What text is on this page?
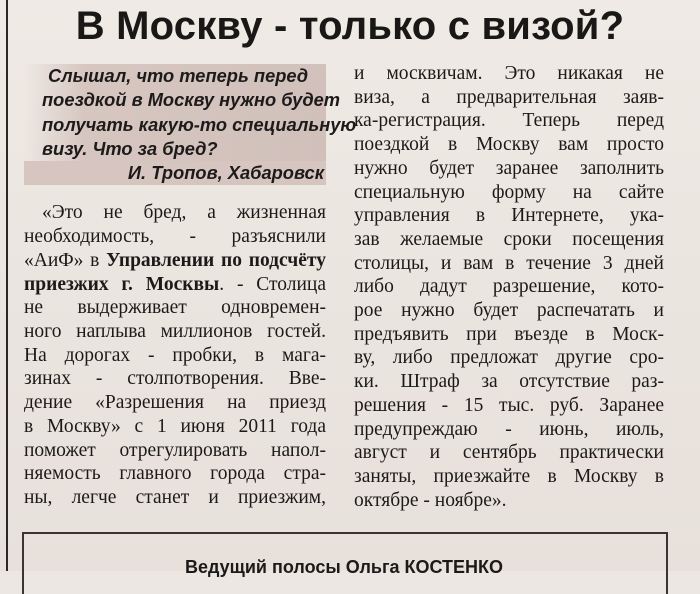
В Москву - только с визой?
Слышал, что теперь перед
поездкой в Москву нужно будет
получать какую-то специальную
визу. Что за бред?
И. Тропов, Хабаровск
«Это не бред, а жизненная
необходимость, - разъяснили
«АиФ» в Управлении по подсчёту
приезжих г. Москвы. - Столица
не выдерживает одновремен-
ного наплыва миллионов гостей.
На дорогах - пробки, в мага-
зинах - столпотворения. Вве-
дение «Разрешения на приезд
в Москву» с 1 июня 2011 года
поможет отрегулировать напол-
няемость главного города стра-
ны, легче станет и приезжим,
и москвичам. Это никакая не
виза, а предварительная заяв-
ка-регистрация. Теперь перед
поездкой в Москву вам просто
нужно будет заранее заполнить
специальную форму на сайте
управления в Интернете, ука-
зав желаемые сроки посещения
столицы, и вам в течение 3 дней
либо дадут разрешение, кото-
рое нужно будет распечатать и
предъявить при въезде в Моск-
ву, либо предложат другие сро-
ки. Штраф за отсутствие раз-
решения - 15 тыс. руб. Заранее
предупреждаю - июнь, июль,
август и сентябрь практически
заняты, приезжайте в Москву в
октябре - ноябре».
Ведущий полосы Ольга КОСТЕНКО
